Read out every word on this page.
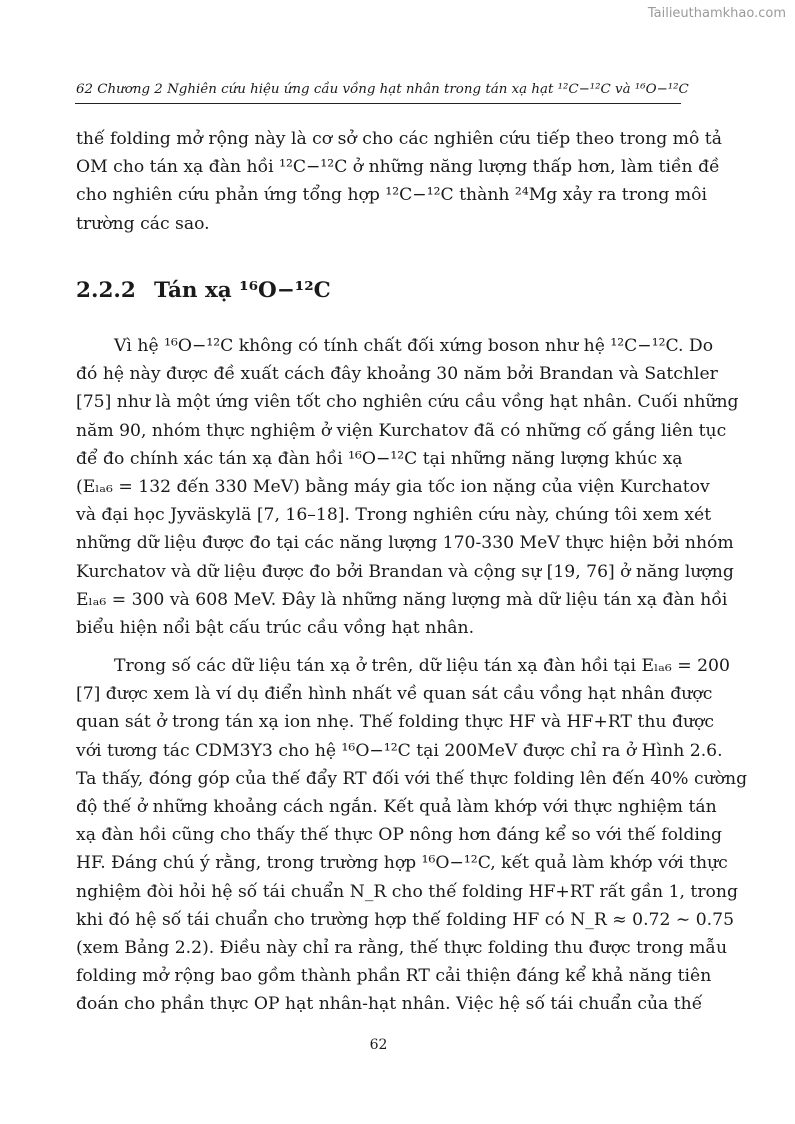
Tailieuthamkhao.com
62 Chương 2 Nghiên cứu hiệu ứng cầu vồng hạt nhân trong tán xạ hạt ¹²C−¹²C và ¹⁶O−¹²C
thế folding mở rộng này là cơ sở cho các nghiên cứu tiếp theo trong mô tả
OM cho tán xạ đàn hồi ¹²C−¹²C ở những năng lượng thấp hơn, làm tiền đề
cho nghiên cứu phản ứng tổng hợp ¹²C−¹²C thành ²⁴Mg xảy ra trong môi
trường các sao.
2.2.2 Tán xạ ¹⁶O−¹²C
Vì hệ ¹⁶O−¹²C không có tính chất đối xứng boson như hệ ¹²C−¹²C. Do
đó hệ này được đề xuất cách đây khoảng 30 năm bởi Brandan và Satchler
[75] như là một ứng viên tốt cho nghiên cứu cầu vồng hạt nhân. Cuối những
năm 90, nhóm thực nghiệm ở viện Kurchatov đã có những cố gắng liên tục
để đo chính xác tán xạ đàn hồi ¹⁶O−¹²C tại những năng lượng khúc xạ
(Eₗₐ₆ = 132 đến 330 MeV) bằng máy gia tốc ion nặng của viện Kurchatov
và đại học Jyväskylä [7, 16–18]. Trong nghiên cứu này, chúng tôi xem xét
những dữ liệu được đo tại các năng lượng 170-330 MeV thực hiện bởi nhóm
Kurchatov và dữ liệu được đo bởi Brandan và cộng sự [19, 76] ở năng lượng
Eₗₐ₆ = 300 và 608 MeV. Đây là những năng lượng mà dữ liệu tán xạ đàn hồi
biểu hiện nổi bật cấu trúc cầu vồng hạt nhân.
Trong số các dữ liệu tán xạ ở trên, dữ liệu tán xạ đàn hồi tại Eₗₐ₆ = 200
[7] được xem là ví dụ điển hình nhất về quan sát cầu vồng hạt nhân được
quan sát ở trong tán xạ ion nhẹ. Thế folding thực HF và HF+RT thu được
với tương tác CDM3Y3 cho hệ ¹⁶O−¹²C tại 200MeV được chỉ ra ở Hình 2.6.
Ta thấy, đóng góp của thế đẩy RT đối với thế thực folding lên đến 40% cường
độ thế ở những khoảng cách ngắn. Kết quả làm khớp với thực nghiệm tán
xạ đàn hồi cũng cho thấy thế thực OP nông hơn đáng kể so với thế folding
HF. Đáng chú ý rằng, trong trường hợp ¹⁶O−¹²C, kết quả làm khớp với thực
nghiệm đòi hỏi hệ số tái chuẩn N_R cho thế folding HF+RT rất gần 1, trong
khi đó hệ số tái chuẩn cho trường hợp thế folding HF có N_R ≈ 0.72 ∼ 0.75
(xem Bảng 2.2). Điều này chỉ ra rằng, thế thực folding thu được trong mẫu
folding mở rộng bao gồm thành phần RT cải thiện đáng kể khả năng tiên
đoán cho phần thực OP hạt nhân-hạt nhân. Việc hệ số tái chuẩn của thế
62
